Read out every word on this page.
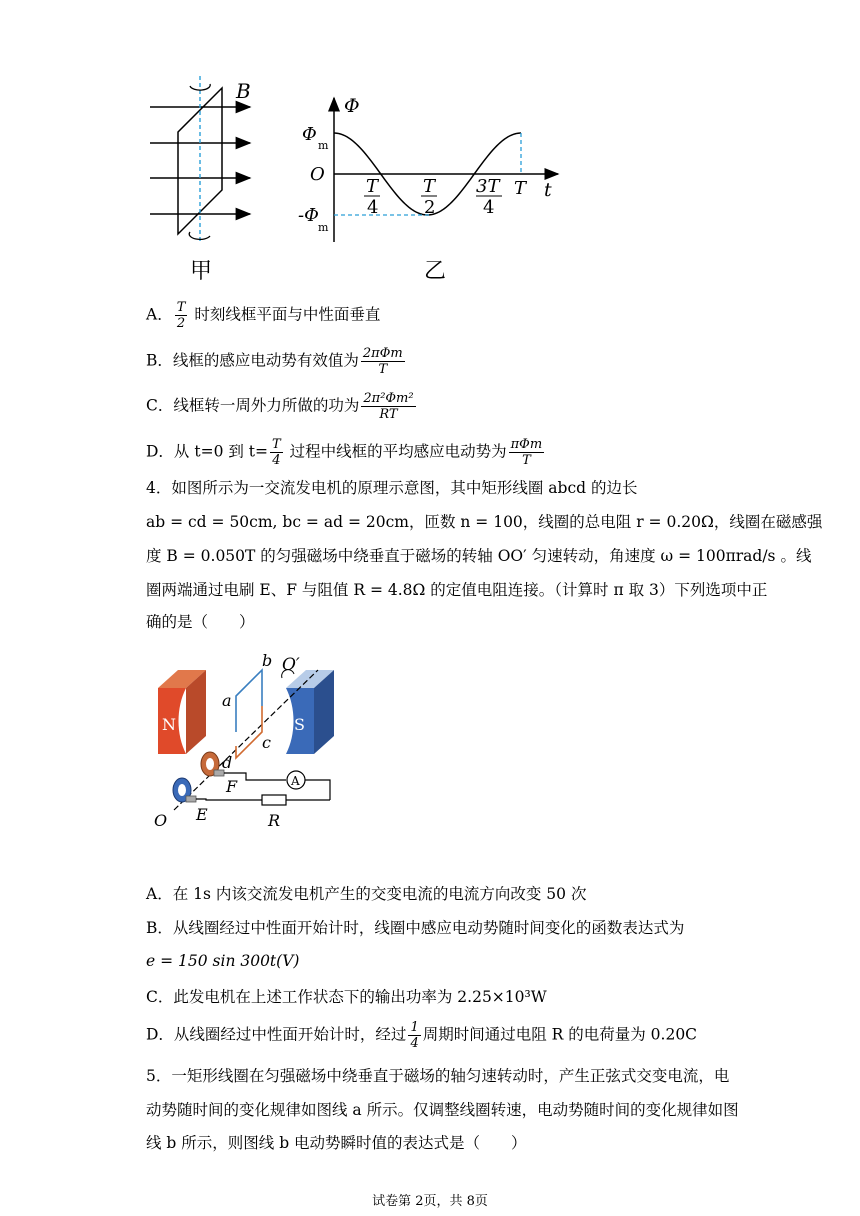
B
甲
Φ
Φ
m
O
-Φ
m
T
4
T
2
3T
4
T t
乙
A． $\frac{T}{2}$ 时刻线框平面与中性面垂直
B．线框的感应电动势有效值为 $\frac{\text{2πΦm}}{T}$
C．线框转一周外力所做的功为 $\frac{\text{2π²Φm²}}{RT}$
D．从 t=0 到 $t= \frac{T}{4}$ 过程中线框的平均感应电动势为 $\frac{\text{πΦm}}{T}$
4．如图所示为一交流发电机的原理示意图，其中矩形线圈 abcd 的边长
ab = cd = 50cm, bc = ad = 20cm，匝数 n = 100，线圈的总电阻 r = 0.20Ω，线圈在磁感强
度 B = 0.050T 的匀强磁场中绕垂直于磁场的转轴 OO′ 匀速转动，角速度 ω = 100πrad/s 。线
圈两端通过电刷 E、F 与阻值 R = 4.8Ω 的定值电阻连接。（计算时 π 取 3）下列选项中正
确的是（　　）
N	S
A
b O′
a
c
d
F
E
O	R
A．在 1s 内该交流发电机产生的交变电流的电流方向改变 50 次
B．从线圈经过中性面开始计时，线圈中感应电动势随时间变化的函数表达式为
e = 150 sin 300t(V)
C．此发电机在上述工作状态下的输出功率为 2.25×10³W
D．从线圈经过中性面开始计时，经过 $\frac{1}{4}$ 周期时间通过电阻 R 的电荷量为 0.20C
5．一矩形线圈在匀强磁场中绕垂直于磁场的轴匀速转动时，产生正弦式交变电流，电
动势随时间的变化规律如图线 a 所示。仅调整线圈转速，电动势随时间的变化规律如图
线 b 所示，则图线 b 电动势瞬时值的表达式是（　　）
试卷第 2页，共 8页
